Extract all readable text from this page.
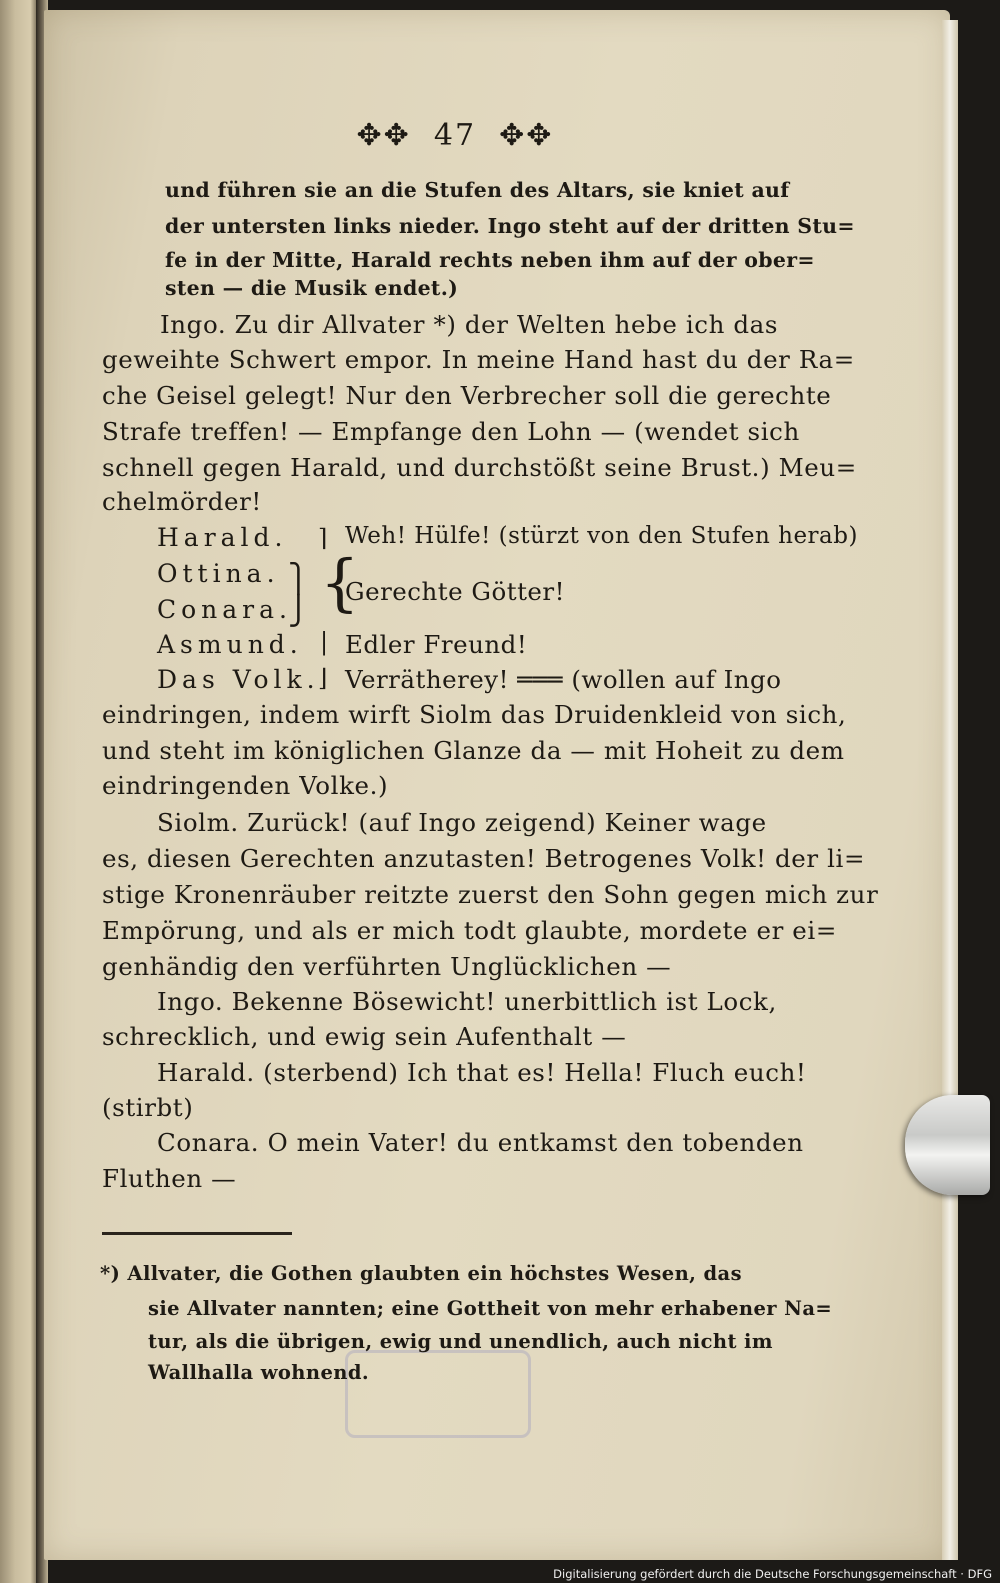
✥✥ 47 ✥✥
und führen sie an die Stufen des Altars, sie kniet auf
der untersten links nieder. Ingo steht auf der dritten Stu=
fe in der Mitte, Harald rechts neben ihm auf der ober=
sten — die Musik endet.)
Ingo. Zu dir Allvater *) der Welten hebe ich das
geweihte Schwert empor. In meine Hand hast du der Ra=
che Geisel gelegt! Nur den Verbrecher soll die gerechte
Strafe treffen! — Empfange den Lohn — (wendet sich
schnell gegen Harald, und durchstößt seine Brust.) Meu=
chelmörder!
Harald.
Ottina.
Conara.
Asmund.
Das Volk.
⌉
⎫
⎭ {
|
⌋
Weh! Hülfe! (stürzt von den Stufen herab)
Gerechte Götter!
Edler Freund!
Verrätherey! ═══ (wollen auf Ingo
eindringen, indem wirft Siolm das Druidenkleid von sich,
und steht im königlichen Glanze da — mit Hoheit zu dem
eindringenden Volke.)
Siolm. Zurück! (auf Ingo zeigend) Keiner wage
es, diesen Gerechten anzutasten! Betrogenes Volk! der li=
stige Kronenräuber reitzte zuerst den Sohn gegen mich zur
Empörung, und als er mich todt glaubte, mordete er ei=
genhändig den verführten Unglücklichen —
Ingo. Bekenne Bösewicht! unerbittlich ist Lock,
schrecklich, und ewig sein Aufenthalt —
Harald. (sterbend) Ich that es! Hella! Fluch euch!
(stirbt)
Conara. O mein Vater! du entkamst den tobenden
Fluthen —
*) Allvater, die Gothen glaubten ein höchstes Wesen, das
sie Allvater nannten; eine Gottheit von mehr erhabener Na=
tur, als die übrigen, ewig und unendlich, auch nicht im
Wallhalla wohnend.
Digitalisierung gefördert durch die Deutsche Forschungsgemeinschaft · DFG
